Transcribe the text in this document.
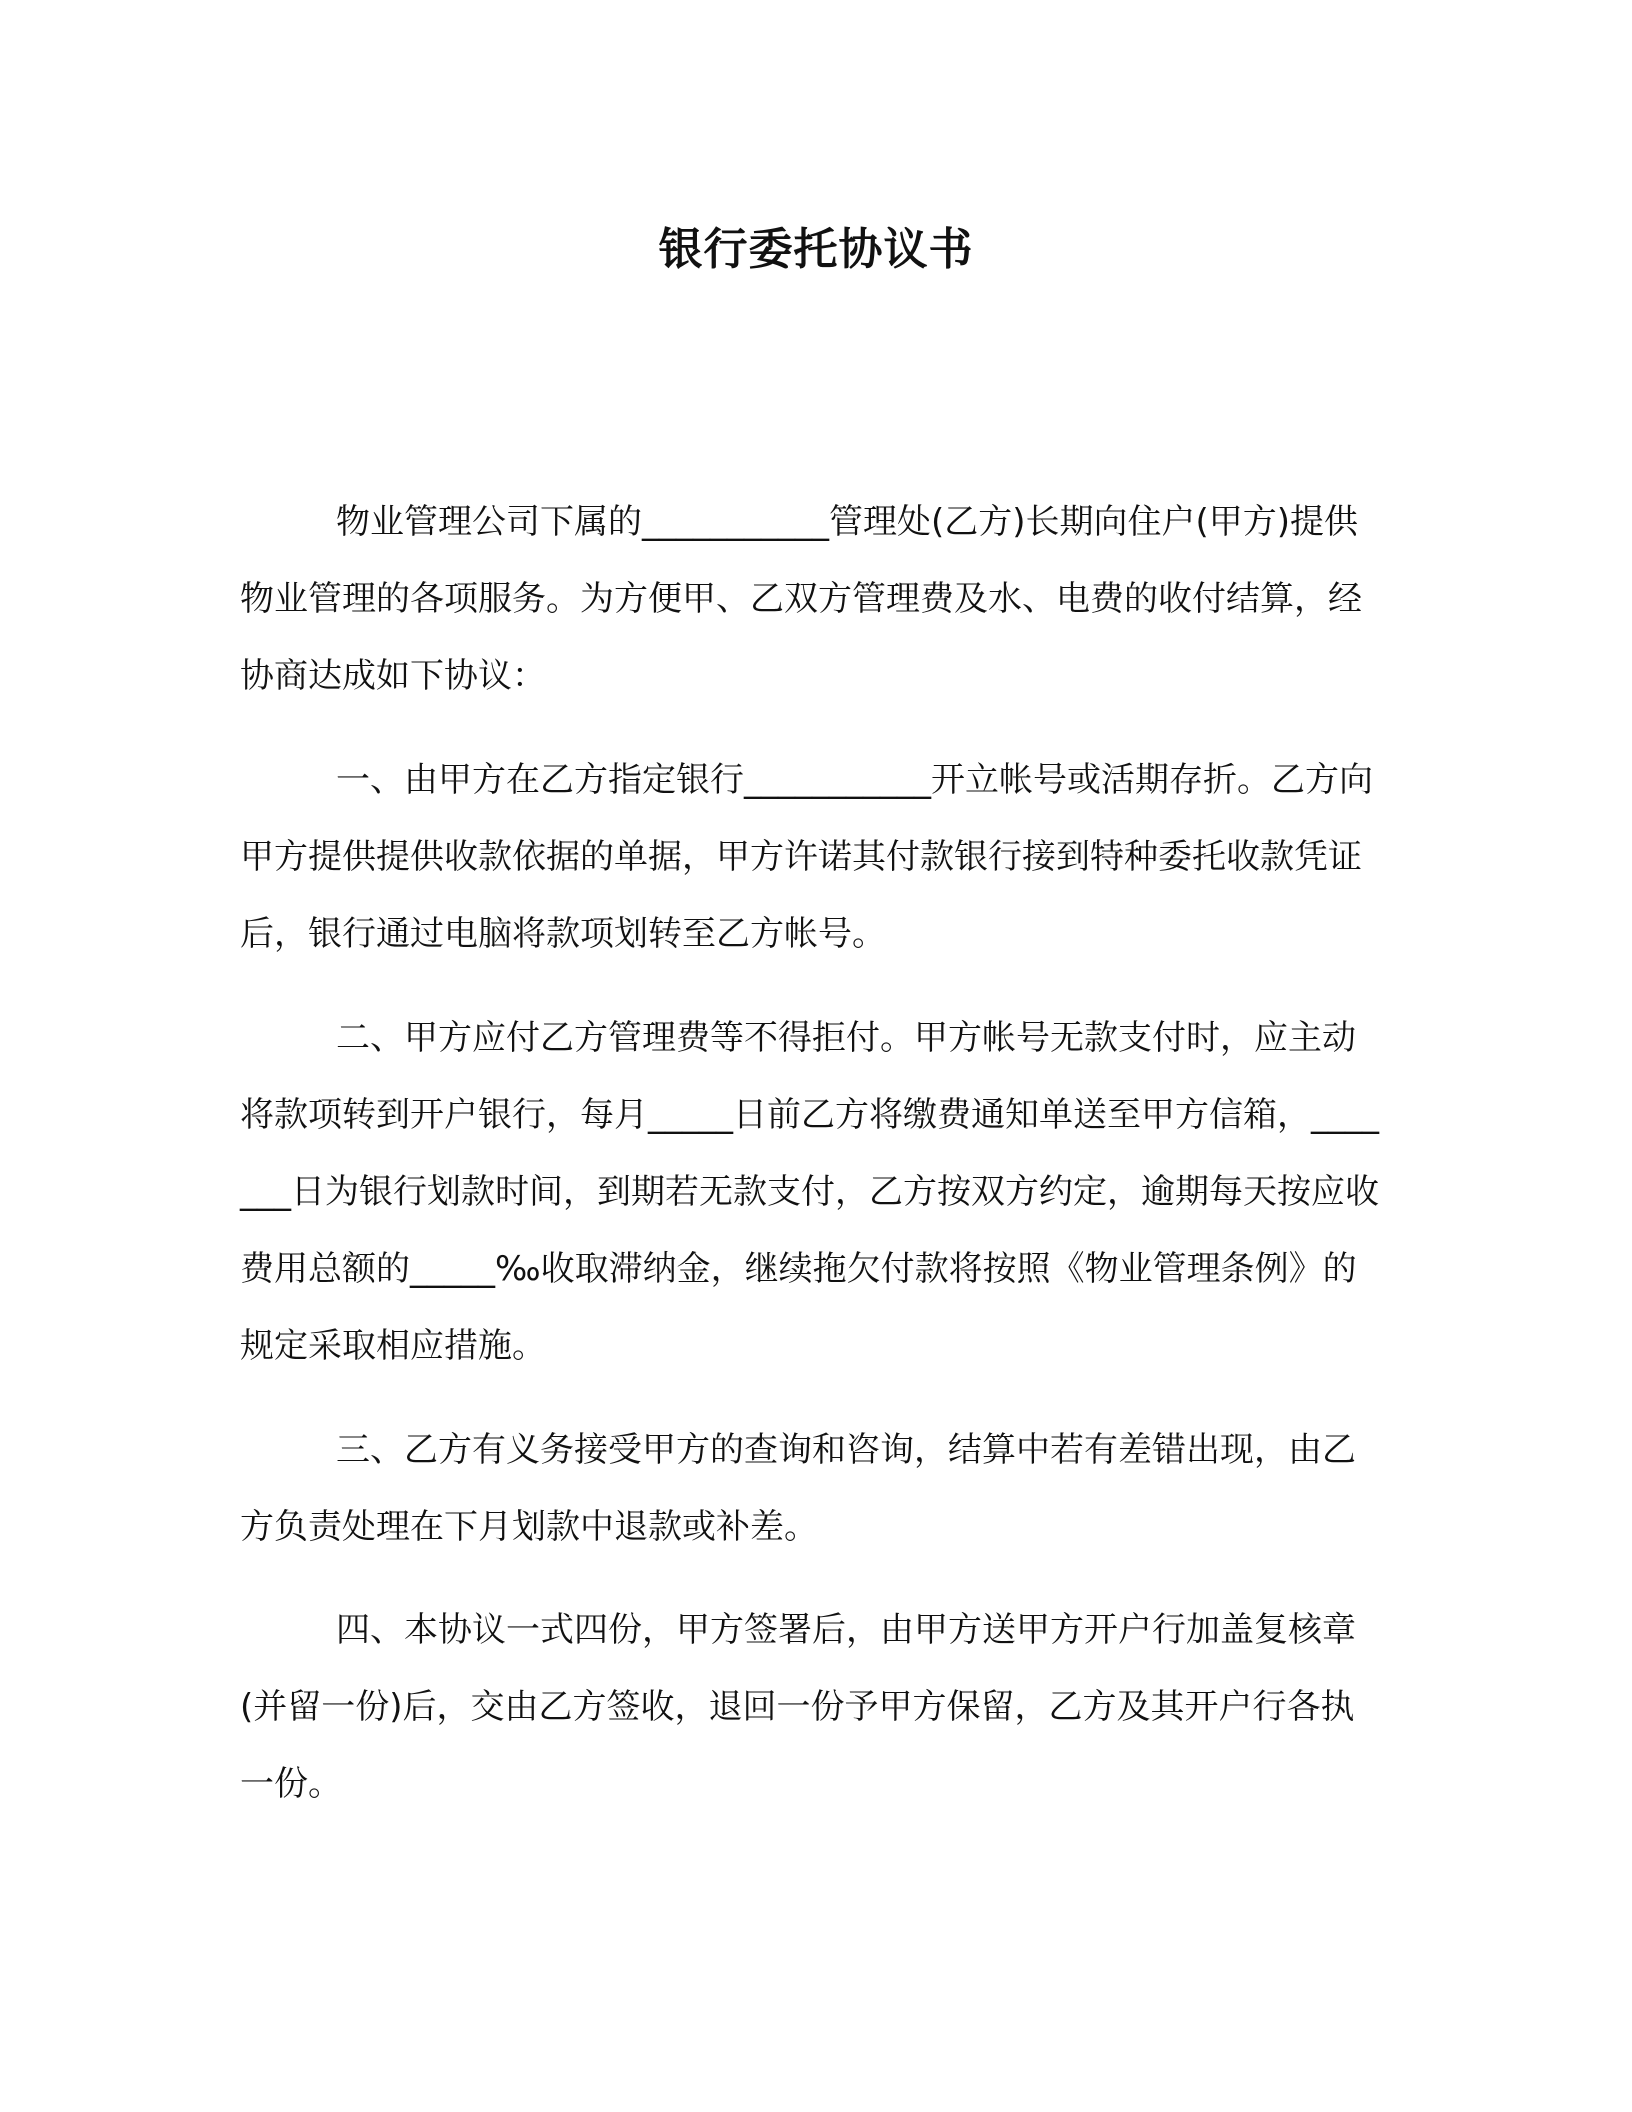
银行委托协议书

物业管理公司下属的___________管理处(乙方)长期向住户(甲方)提供物业管理的各项服务。为方便甲、乙双方管理费及水、电费的收付结算，经协商达成如下协议：

一、由甲方在乙方指定银行___________开立帐号或活期存折。乙方向甲方提供提供收款依据的单据，甲方许诺其付款银行接到特种委托收款凭证后，银行通过电脑将款项划转至乙方帐号。

二、甲方应付乙方管理费等不得拒付。甲方帐号无款支付时，应主动将款项转到开户银行，每月_____日前乙方将缴费通知单送至甲方信箱，_______日为银行划款时间，到期若无款支付，乙方按双方约定，逾期每天按应收费用总额的_____‰收取滞纳金，继续拖欠付款将按照《物业管理条例》的规定采取相应措施。

三、乙方有义务接受甲方的查询和咨询，结算中若有差错出现，由乙方负责处理在下月划款中退款或补差。

四、本协议一式四份，甲方签署后，由甲方送甲方开户行加盖复核章(并留一份)后，交由乙方签收，退回一份予甲方保留，乙方及其开户行各执一份。
